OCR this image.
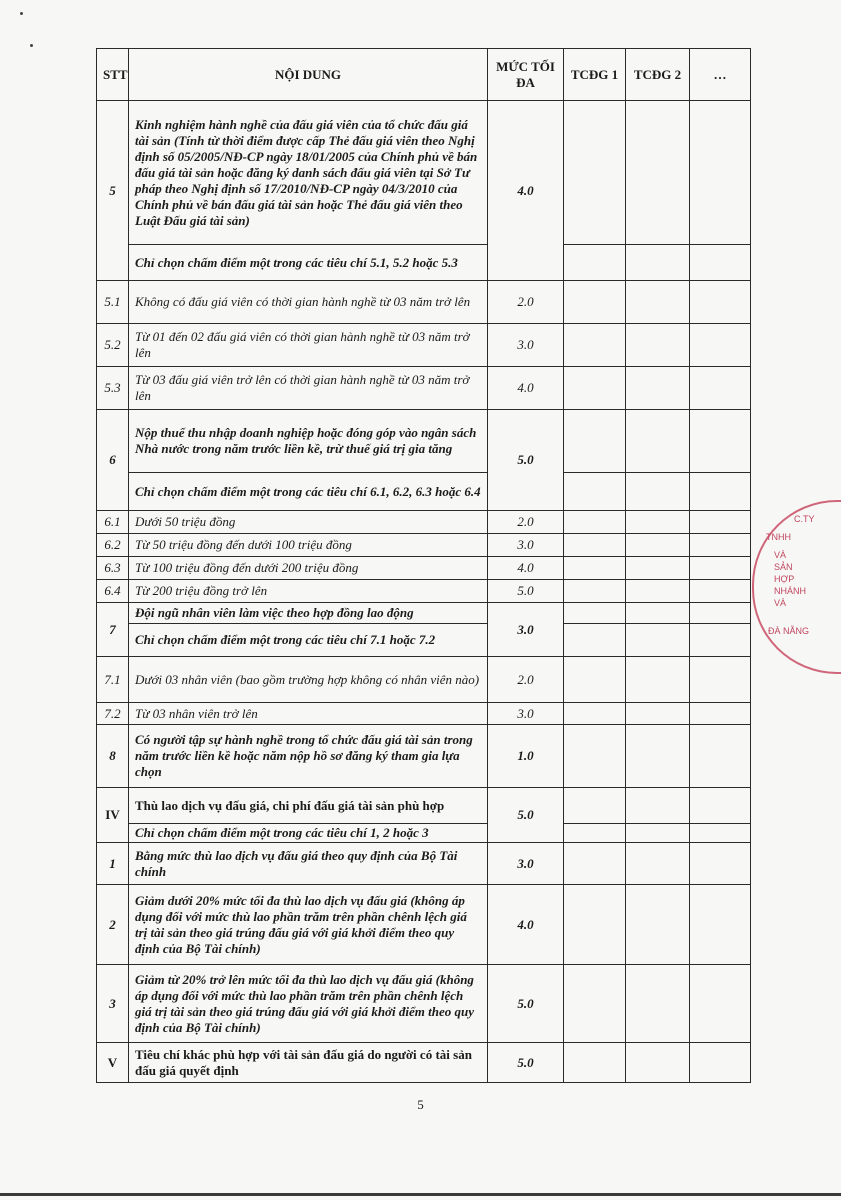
STT	NỘI DUNG	MỨC TỐI ĐA	TCĐG 1	TCĐG 2	…
5	Kinh nghiệm hành nghề của đấu giá viên của tổ chức đấu giá tài sản (Tính từ thời điểm được cấp Thẻ đấu giá viên theo Nghị định số 05/2005/NĐ-CP ngày 18/01/2005 của Chính phủ về bán đấu giá tài sản hoặc đăng ký danh sách đấu giá viên tại Sở Tư pháp theo Nghị định số 17/2010/NĐ-CP ngày 04/3/2010 của Chính phủ về bán đấu giá tài sản hoặc Thẻ đấu giá viên theo Luật Đấu giá tài sản)	4.0			
	Chỉ chọn chấm điểm một trong các tiêu chí 5.1, 5.2 hoặc 5.3				
5.1	Không có đấu giá viên có thời gian hành nghề từ 03 năm trở lên	2.0			
5.2	Từ 01 đến 02 đấu giá viên có thời gian hành nghề từ 03 năm trở lên	3.0			
5.3	Từ 03 đấu giá viên trở lên có thời gian hành nghề từ 03 năm trở lên	4.0			
6	Nộp thuế thu nhập doanh nghiệp hoặc đóng góp vào ngân sách Nhà nước trong năm trước liền kề, trừ thuế giá trị gia tăng	5.0			
	Chỉ chọn chấm điểm một trong các tiêu chí 6.1, 6.2, 6.3 hoặc 6.4				
6.1	Dưới 50 triệu đồng	2.0			
6.2	Từ 50 triệu đồng đến dưới 100 triệu đồng	3.0			
6.3	Từ 100 triệu đồng đến dưới 200 triệu đồng	4.0			
6.4	Từ 200 triệu đồng trở lên	5.0			
7	Đội ngũ nhân viên làm việc theo hợp đồng lao động	3.0			
	Chỉ chọn chấm điểm một trong các tiêu chí 7.1 hoặc 7.2				
7.1	Dưới 03 nhân viên (bao gồm trường hợp không có nhân viên nào)	2.0			
7.2	Từ 03 nhân viên trở lên	3.0			
8	Có người tập sự hành nghề trong tổ chức đấu giá tài sản trong năm trước liền kề hoặc năm nộp hồ sơ đăng ký tham gia lựa chọn	1.0			
IV	Thù lao dịch vụ đấu giá, chi phí đấu giá tài sản phù hợp	5.0			
	Chỉ chọn chấm điểm một trong các tiêu chí 1, 2 hoặc 3				
1	Bằng mức thù lao dịch vụ đấu giá theo quy định của Bộ Tài chính	3.0			
2	Giảm dưới 20% mức tối đa thù lao dịch vụ đấu giá (không áp dụng đối với mức thù lao phần trăm trên phần chênh lệch giá trị tài sản theo giá trúng đấu giá với giá khởi điểm theo quy định của Bộ Tài chính)	4.0			
3	Giảm từ 20% trở lên mức tối đa thù lao dịch vụ đấu giá (không áp dụng đối với mức thù lao phần trăm trên phần chênh lệch giá trị tài sản theo giá trúng đấu giá với giá khởi điểm theo quy định của Bộ Tài chính)	5.0			
V	Tiêu chí khác phù hợp với tài sản đấu giá do người có tài sản đấu giá quyết định	5.0			
C.TY
TNHH
VÀ
SẢN
HỢP
NHÁNH
VÀ
ĐÀ NẴNG
5
